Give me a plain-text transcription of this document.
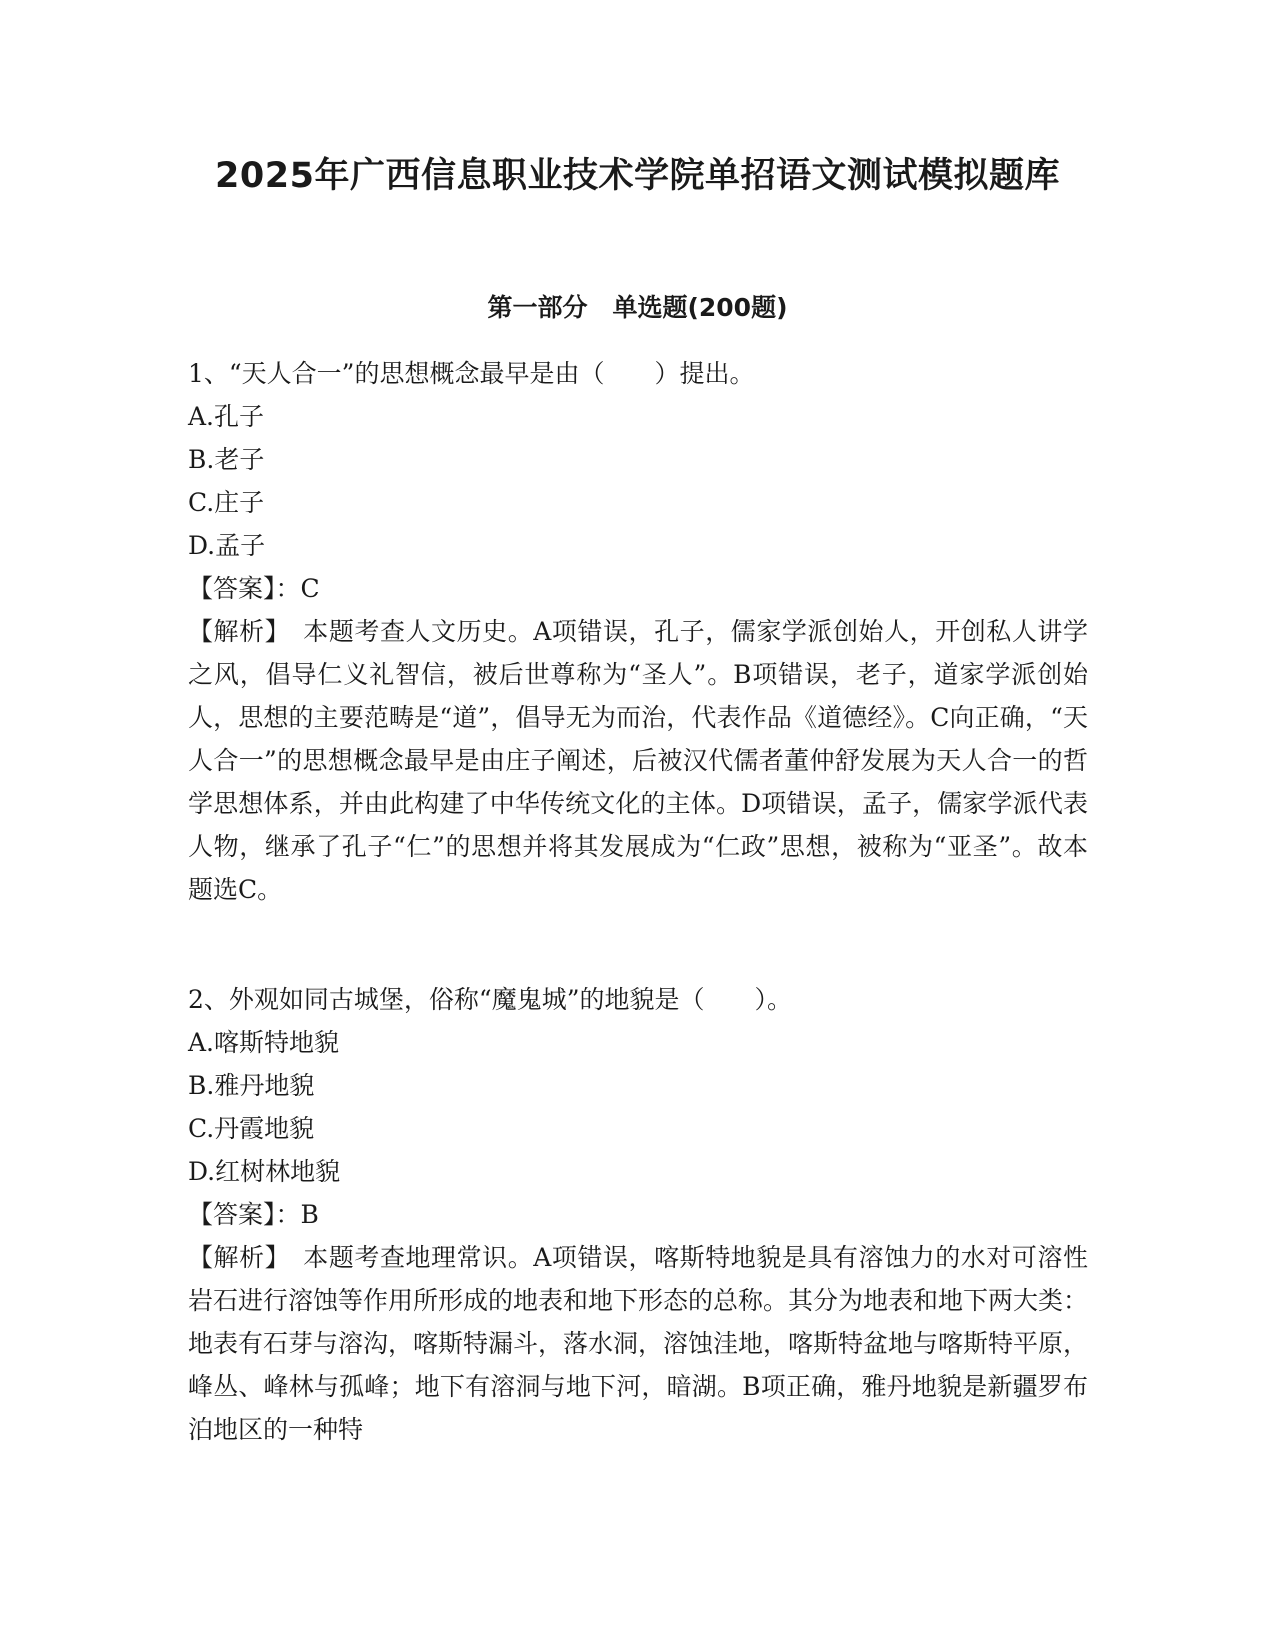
2025年广西信息职业技术学院单招语文测试模拟题库
第一部分　单选题(200题)
1、“天人合一”的思想概念最早是由（　　）提出。
A.孔子
B.老子
C.庄子
D.孟子
【答案】：C

【解析】　 本题考查人文历史。A项错误，孔子，儒家学派创始人，开创私人讲学之风，倡导仁义礼智信，被后世尊称为“圣人”。B项错误，老子，道家学派创始人，思想的主要范畴是“道”，倡导无为而治，代表作品《道德经》。C向正确，“天人合一”的思想概念最早是由庄子阐述，后被汉代儒者董仲舒发展为天人合一的哲学思想体系，并由此构建了中华传统文化的主体。D项错误，孟子，儒家学派代表人物，继承了孔子“仁”的思想并将其发展成为“仁政”思想，被称为“亚圣”。故本题选C。

2、外观如同古城堡，俗称“魔鬼城”的地貌是（　　）。
A.喀斯特地貌
B.雅丹地貌
C.丹霞地貌
D.红树林地貌
【答案】：B

【解析】　 本题考查地理常识。A项错误，喀斯特地貌是具有溶蚀力的水对可溶性岩石进行溶蚀等作用所形成的地表和地下形态的总称。其分为地表和地下两大类：地表有石芽与溶沟，喀斯特漏斗，落水洞，溶蚀洼地，喀斯特盆地与喀斯特平原，峰丛、峰林与孤峰；地下有溶洞与地下河，暗湖。B项正确，雅丹地貌是新疆罗布泊地区的一种特
